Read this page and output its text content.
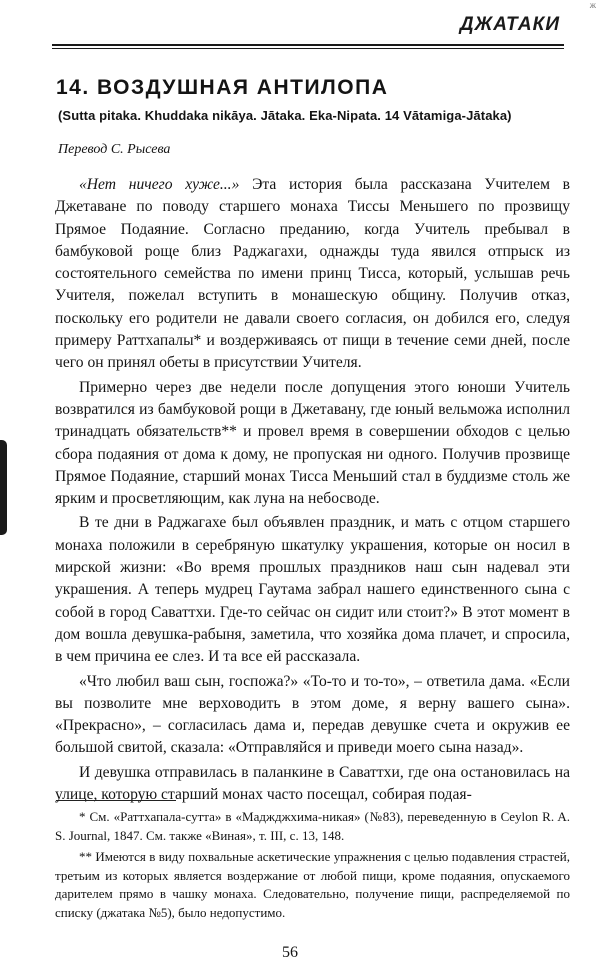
ж
ДЖАТАКИ
14. ВОЗДУШНАЯ АНТИЛОПА
(Sutta pitaka. Khuddaka nikāya. Jātaka. Eka-Nipata. 14 Vātamiga-Jātaka)
Перевод С. Рысева

«Нет ничего хуже...» Эта история была рассказана Учителем в Джетаване по поводу старшего монаха Тиссы Меньшего по прозвищу Прямое Подаяние. Согласно преданию, когда Учитель пребывал в бамбуковой роще близ Раджагахи, однажды туда явился отпрыск из состоятельного семейства по имени принц Тисса, который, услышав речь Учителя, пожелал вступить в монашескую общину. Получив отказ, поскольку его родители не давали своего согласия, он добился его, следуя примеру Раттхапалы* и воздерживаясь от пищи в течение семи дней, после чего он принял обеты в присутствии Учителя.

Примерно через две недели после допущения этого юноши Учитель возвратился из бамбуковой рощи в Джетавану, где юный вельможа исполнил тринадцать обязательств** и провел время в совершении обходов с целью сбора подаяния от дома к дому, не пропуская ни одного. Получив прозвище Прямое Подаяние, старший монах Тисса Меньший стал в буддизме столь же ярким и просветляющим, как луна на небосводе.

В те дни в Раджагахе был объявлен праздник, и мать с отцом старшего монаха положили в серебряную шкатулку украшения, которые он носил в мирской жизни: «Во время прошлых праздников наш сын надевал эти украшения. А теперь мудрец Гаутама забрал нашего единственного сына с собой в город Саваттхи. Где-то сейчас он сидит или стоит?» В этот момент в дом вошла девушка-рабыня, заметила, что хозяйка дома плачет, и спросила, в чем причина ее слез. И та все ей рассказала.

«Что любил ваш сын, госпожа?» «То-то и то-то», – ответила дама. «Если вы позволите мне верховодить в этом доме, я верну вашего сына». «Прекрасно», – согласилась дама и, передав девушке счета и окружив ее большой свитой, сказала: «Отправляйся и приведи моего сына назад».

И девушка отправилась в паланкине в Саваттхи, где она остановилась на улице, которую старший монах часто посещал, собирая подая-

* См. «Раттхапала-сутта» в «Маджджхима-никая» (№83), переведенную в Ceylon R. A. S. Journal, 1847. См. также «Винaя», т. III, с. 13, 148.

** Имеются в виду похвальные аскетические упражнения с целью подавления страстей, третьим из которых является воздержание от любой пищи, кроме подаяния, опускаемого дарителем прямо в чашку монаха. Следовательно, получение пищи, распределяемой по списку (джатака №5), было недопустимо.

56
